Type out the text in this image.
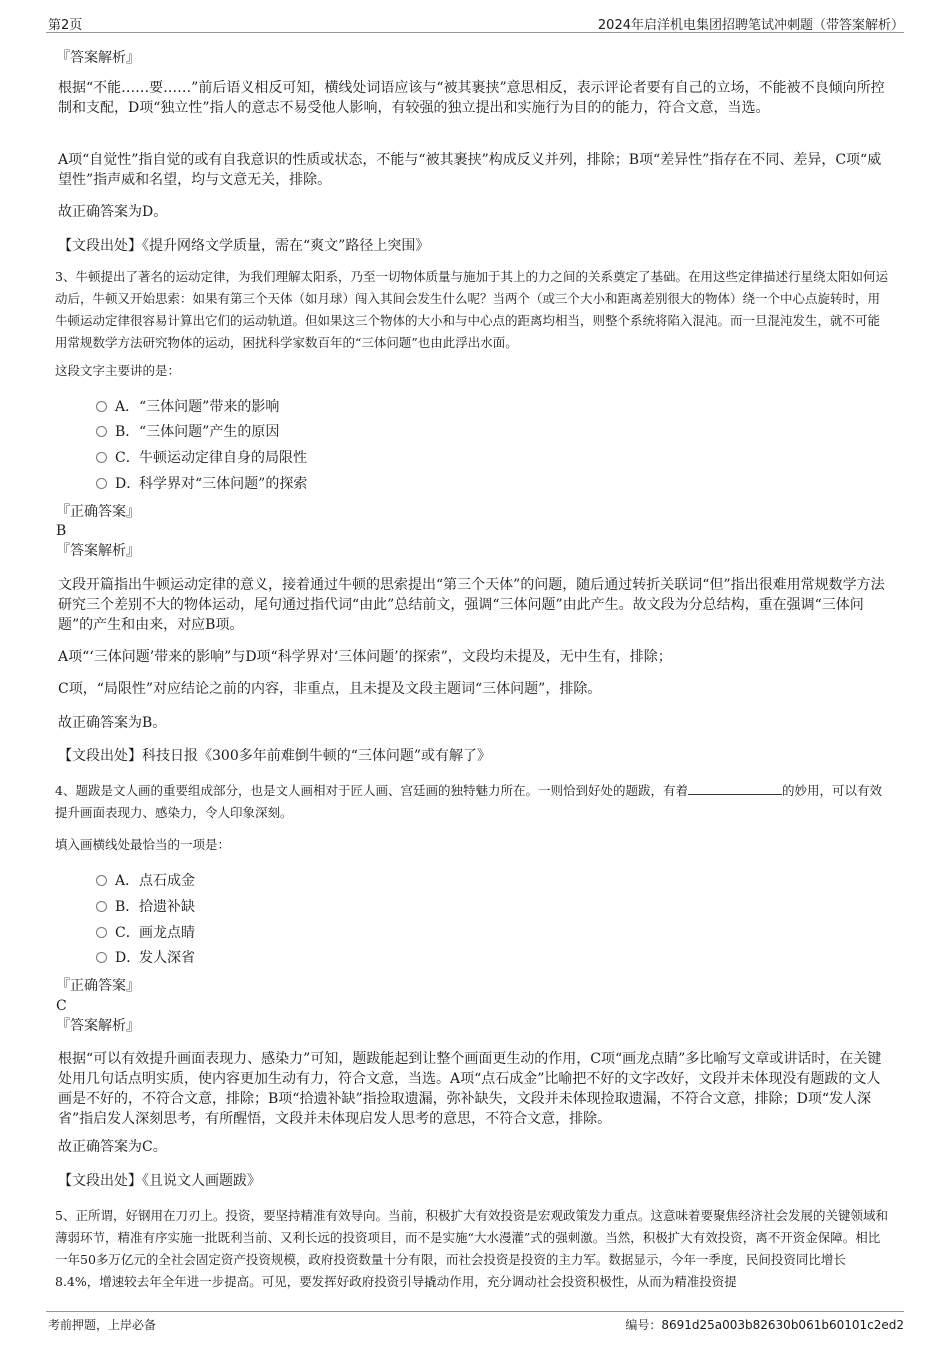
第2页	2024年启洋机电集团招聘笔试冲刺题（带答案解析）

『答案解析』

根据“不能……要……”前后语义相反可知，横线处词语应该与“被其裹挟”意思相反，表示评论者要有自己的立场，不能被不良倾向所控制和支配，D项“独立性”指人的意志不易受他人影响，有较强的独立提出和实施行为目的的能力，符合文意，当选。

A项“自觉性”指自觉的或有自我意识的性质或状态，不能与“被其裹挟”构成反义并列，排除；B项“差异性”指存在不同、差异，C项“威望性”指声威和名望，均与文意无关，排除。

故正确答案为D。

【文段出处】《提升网络文学质量，需在“爽文”路径上突围》

3、牛顿提出了著名的运动定律，为我们理解太阳系，乃至一切物体质量与施加于其上的力之间的关系奠定了基础。在用这些定律描述行星绕太阳如何运动后，牛顿又开始思索：如果有第三个天体（如月球）闯入其间会发生什么呢？当两个（或三个大小和距离差别很大的物体）绕一个中心点旋转时，用牛顿运动定律很容易计算出它们的运动轨道。但如果这三个物体的大小和与中心点的距离均相当，则整个系统将陷入混沌。而一旦混沌发生，就不可能用常规数学方法研究物体的运动，困扰科学家数百年的“三体问题”也由此浮出水面。

这段文字主要讲的是：

A．“三体问题”带来的影响
B．“三体问题”产生的原因
C．牛顿运动定律自身的局限性
D．科学界对“三体问题”的探索

『正确答案』

B

『答案解析』

文段开篇指出牛顿运动定律的意义，接着通过牛顿的思索提出“第三个天体”的问题，随后通过转折关联词“但”指出很难用常规数学方法研究三个差别不大的物体运动，尾句通过指代词“由此”总结前文，强调“三体问题”由此产生。故文段为分总结构，重在强调“三体问题”的产生和由来，对应B项。

A项“‘三体问题’带来的影响”与D项“科学界对‘三体问题’的探索”，文段均未提及，无中生有，排除；

C项，“局限性”对应结论之前的内容，非重点，且未提及文段主题词“三体问题”，排除。

故正确答案为B。

【文段出处】科技日报《300多年前难倒牛顿的“三体问题”或有解了》

4、题跋是文人画的重要组成部分，也是文人画相对于匠人画、宫廷画的独特魅力所在。一则恰到好处的题跋，有着	的妙用，可以有效提升画面表现力、感染力，令人印象深刻。

填入画横线处最恰当的一项是：

A．点石成金
B．拾遗补缺
C．画龙点睛
D．发人深省

『正确答案』

C

『答案解析』

根据“可以有效提升画面表现力、感染力”可知，题跋能起到让整个画面更生动的作用，C项“画龙点睛”多比喻写文章或讲话时，在关键处用几句话点明实质，使内容更加生动有力，符合文意，当选。A项“点石成金”比喻把不好的文字改好，文段并未体现没有题跋的文人画是不好的，不符合文意，排除；B项“拾遗补缺”指捡取遗漏，弥补缺失，文段并未体现捡取遗漏，不符合文意，排除；D项“发人深省”指启发人深刻思考，有所醒悟，文段并未体现启发人思考的意思，不符合文意，排除。

故正确答案为C。

【文段出处】《且说文人画题跋》

5、正所谓，好钢用在刀刃上。投资，要坚持精准有效导向。当前，积极扩大有效投资是宏观政策发力重点。这意味着要聚焦经济社会发展的关键领域和薄弱环节，精准有序实施一批既利当前、又利长远的投资项目，而不是实施“大水漫灌”式的强刺激。当然，积极扩大有效投资，离不开资金保障。相比一年50多万亿元的全社会固定资产投资规模，政府投资数量十分有限，而社会投资是投资的主力军。数据显示，今年一季度，民间投资同比增长8.4%，增速较去年全年进一步提高。可见，要发挥好政府投资引导撬动作用，充分调动社会投资积极性，从而为精准投资提

考前押题，上岸必备	编号：8691d25a003b82630b061b60101c2ed2
